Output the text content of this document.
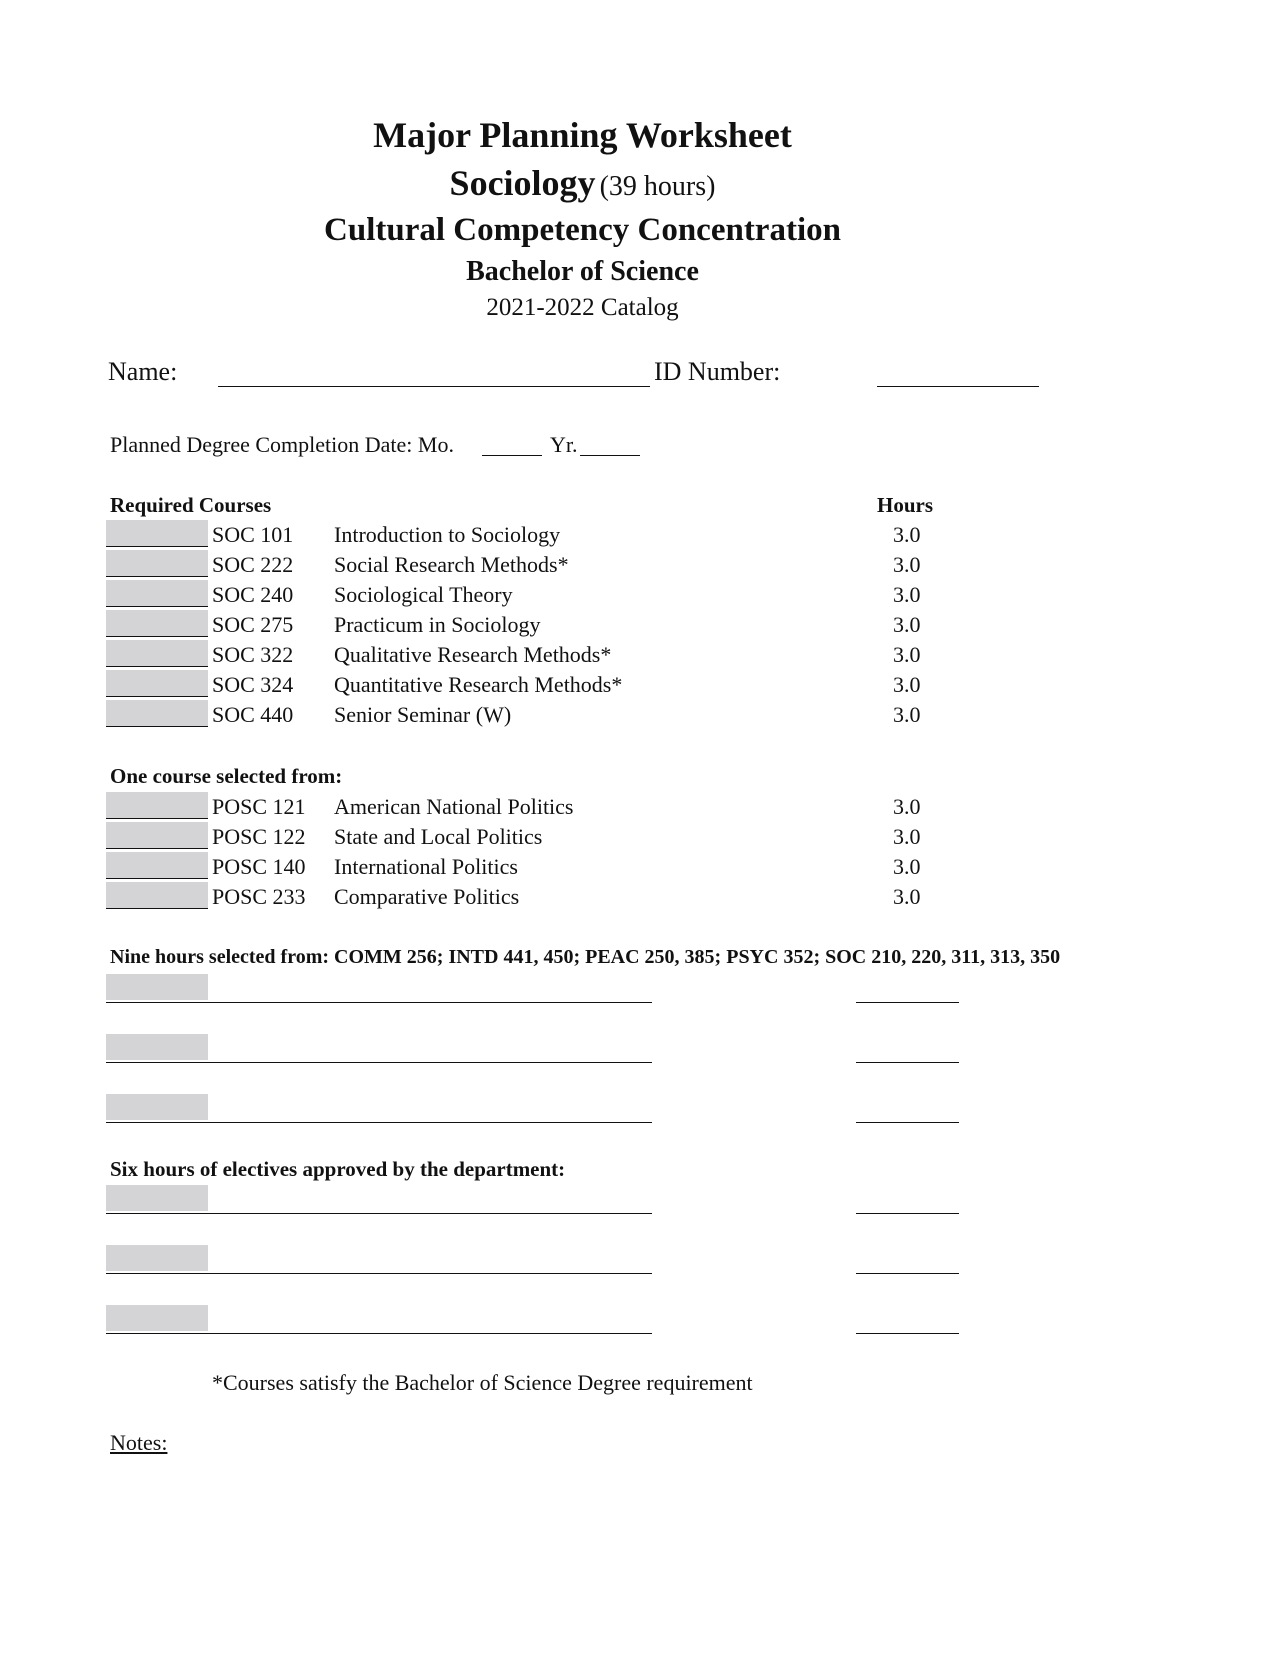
Major Planning Worksheet
Sociology (39 hours)
Cultural Competency Concentration
Bachelor of Science
2021-2022 Catalog
Name:	ID Number:
Planned Degree Completion Date: Mo.	Yr.
Required Courses	Hours
SOC 101 Introduction to Sociology	3.0
SOC 222 Social Research Methods*	3.0
SOC 240 Sociological Theory	3.0
SOC 275 Practicum in Sociology	3.0
SOC 322 Qualitative Research Methods*	3.0
SOC 324 Quantitative Research Methods*	3.0
SOC 440 Senior Seminar (W)	3.0
One course selected from:
POSC 121 American National Politics	3.0
POSC 122 State and Local Politics	3.0
POSC 140 International Politics	3.0
POSC 233 Comparative Politics	3.0
Nine hours selected from: COMM 256; INTD 441, 450; PEAC 250, 385; PSYC 352; SOC 210, 220, 311, 313, 350
Six hours of electives approved by the department:
*Courses satisfy the Bachelor of Science Degree requirement
Notes:
